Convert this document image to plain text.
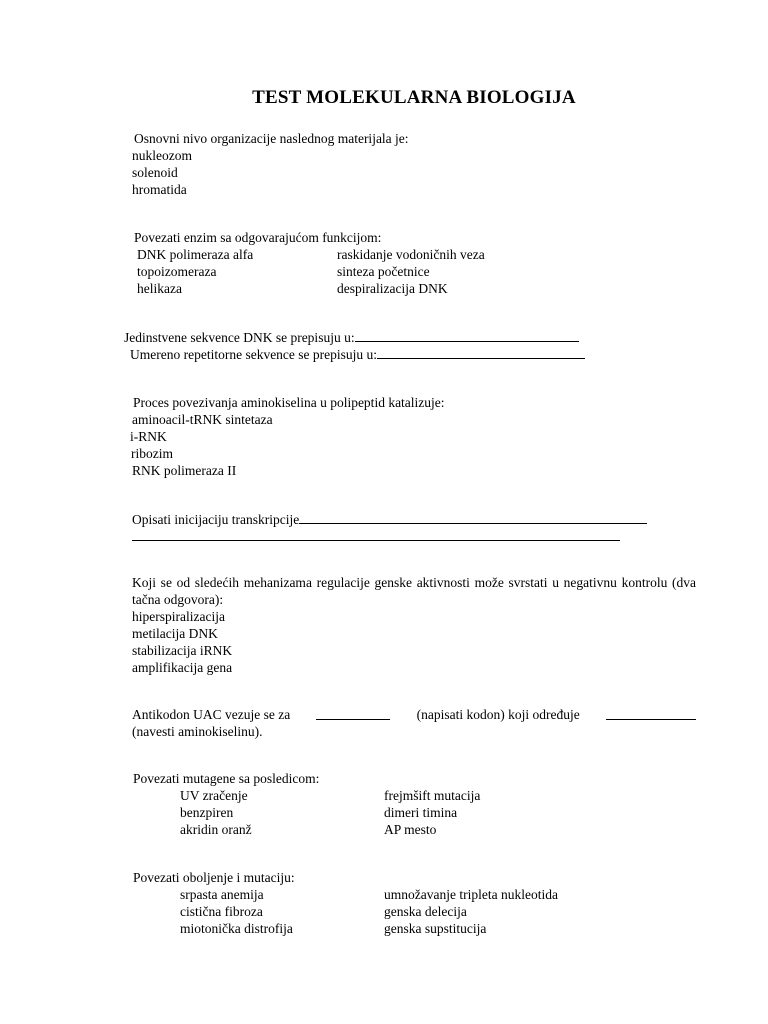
TEST MOLEKULARNA BIOLOGIJA
Osnovni nivo organizacije naslednog materijala je:
nukleozom
solenoid
hromatida
Povezati enzim sa odgovarajućom funkcijom:
DNK polimeraza alfa	raskidanje vodoničnih veza
topoizomeraza	sinteza početnice
helikaza	despiralizacija DNK
Jedinstvene sekvence DNK se prepisuju u:
Umereno repetitorne sekvence se prepisuju u:
Proces povezivanja aminokiselina u polipeptid katalizuje:
aminoacil-tRNK sintetaza
i-RNK
ribozim
RNK polimeraza II
Opisati inicijaciju transkripcije
Koji se od sledećih mehanizama regulacije genske aktivnosti može svrstati u negativnu kontrolu (dva tačna odgovora):
hiperspiralizacija
metilacija DNK
stabilizacija iRNK
amplifikacija gena
Antikodon UAC vezuje se za	(napisati kodon) koji određuje
(navesti aminokiselinu).
Povezati mutagene sa posledicom:
UV zračenje	frejmšift mutacija
benzpiren	dimeri timina
akridin oranž	AP mesto
Povezati oboljenje i mutaciju:
srpasta anemija	umnožavanje tripleta nukleotida
cistična fibroza	genska delecija
miotonička distrofija	genska supstitucija
